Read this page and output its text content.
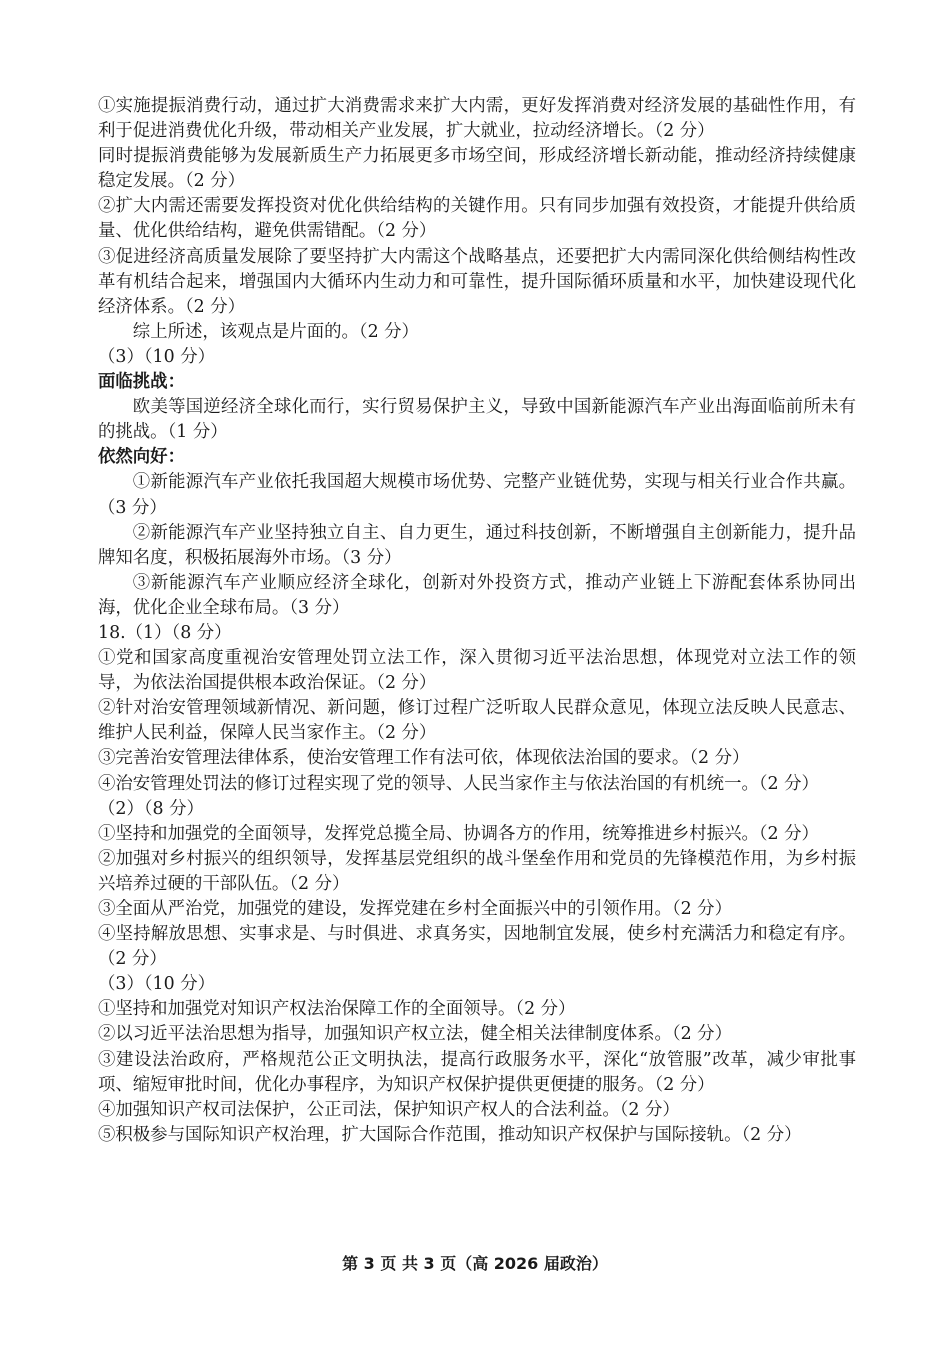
①实施提振消费行动，通过扩大消费需求来扩大内需，更好发挥消费对经济发展的基础性作用，有利于促进消费优化升级，带动相关产业发展，扩大就业，拉动经济增长。（2 分）

同时提振消费能够为发展新质生产力拓展更多市场空间，形成经济增长新动能，推动经济持续健康稳定发展。（2 分）

②扩大内需还需要发挥投资对优化供给结构的关键作用。只有同步加强有效投资，才能提升供给质量、优化供给结构，避免供需错配。（2 分）

③促进经济高质量发展除了要坚持扩大内需这个战略基点，还要把扩大内需同深化供给侧结构性改革有机结合起来，增强国内大循环内生动力和可靠性，提升国际循环质量和水平，加快建设现代化经济体系。（2 分）

综上所述，该观点是片面的。（2 分）

（3）（10 分）

面临挑战：

欧美等国逆经济全球化而行，实行贸易保护主义，导致中国新能源汽车产业出海面临前所未有的挑战。（1 分）

依然向好：

①新能源汽车产业依托我国超大规模市场优势、完整产业链优势，实现与相关行业合作共赢。（3 分）

②新能源汽车产业坚持独立自主、自力更生，通过科技创新，不断增强自主创新能力，提升品牌知名度，积极拓展海外市场。（3 分）

③新能源汽车产业顺应经济全球化，创新对外投资方式，推动产业链上下游配套体系协同出海，优化企业全球布局。（3 分）

18.（1）（8 分）

①党和国家高度重视治安管理处罚立法工作，深入贯彻习近平法治思想，体现党对立法工作的领导，为依法治国提供根本政治保证。（2 分）

②针对治安管理领域新情况、新问题，修订过程广泛听取人民群众意见，体现立法反映人民意志、维护人民利益，保障人民当家作主。（2 分）

③完善治安管理法律体系，使治安管理工作有法可依，体现依法治国的要求。（2 分）

④治安管理处罚法的修订过程实现了党的领导、人民当家作主与依法治国的有机统一。（2 分）

（2）（8 分）

①坚持和加强党的全面领导，发挥党总揽全局、协调各方的作用，统筹推进乡村振兴。（2 分）

②加强对乡村振兴的组织领导，发挥基层党组织的战斗堡垒作用和党员的先锋模范作用，为乡村振兴培养过硬的干部队伍。（2 分）

③全面从严治党，加强党的建设，发挥党建在乡村全面振兴中的引领作用。（2 分）

④坚持解放思想、实事求是、与时俱进、求真务实，因地制宜发展，使乡村充满活力和稳定有序。（2 分）

（3）（10 分）

①坚持和加强党对知识产权法治保障工作的全面领导。（2 分）

②以习近平法治思想为指导，加强知识产权立法，健全相关法律制度体系。（2 分）

③建设法治政府，严格规范公正文明执法，提高行政服务水平，深化“放管服”改革，减少审批事项、缩短审批时间，优化办事程序，为知识产权保护提供更便捷的服务。（2 分）

④加强知识产权司法保护，公正司法，保护知识产权人的合法利益。（2 分）

⑤积极参与国际知识产权治理，扩大国际合作范围，推动知识产权保护与国际接轨。（2 分）

第 3 页 共 3 页（高 2026 届政治）
